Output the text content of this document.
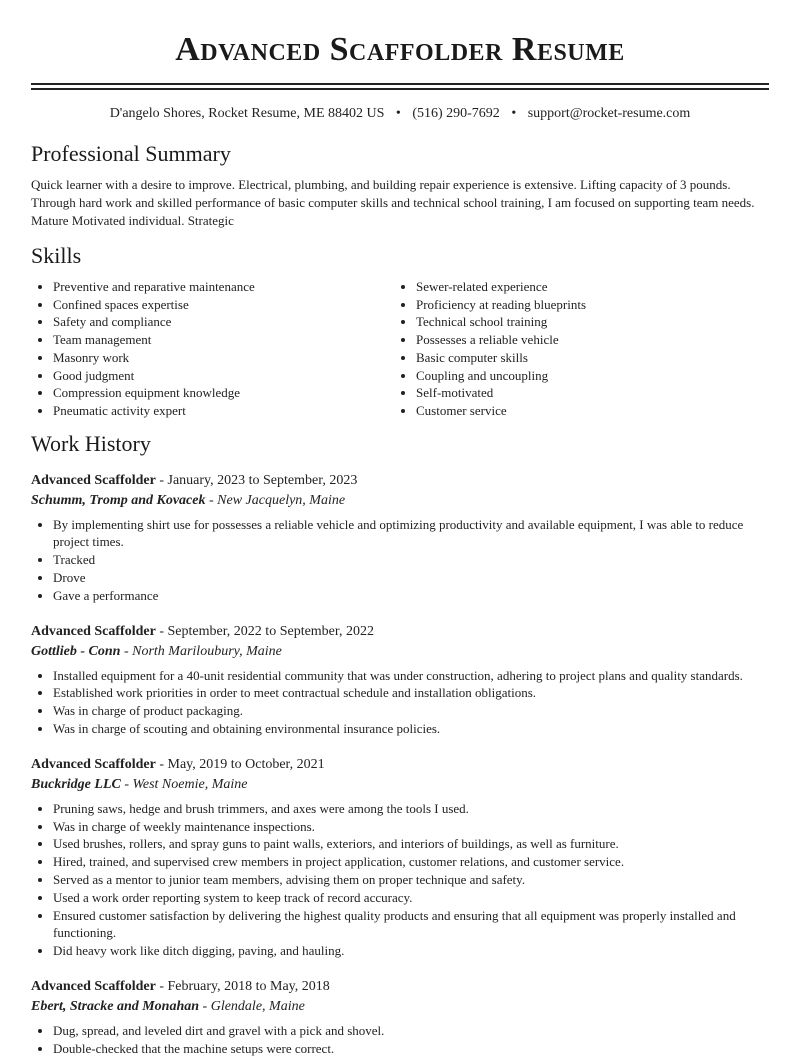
Advanced Scaffolder Resume
D'angelo Shores, Rocket Resume, ME 88402 US • (516) 290-7692 • support@rocket-resume.com
Professional Summary

Quick learner with a desire to improve. Electrical, plumbing, and building repair experience is extensive. Lifting capacity of 3 pounds. Through hard work and skilled performance of basic computer skills and technical school training, I am focused on supporting team needs. Mature Motivated individual. Strategic

Skills
• Preventive and reparative maintenance
• Confined spaces expertise
• Safety and compliance
• Team management
• Masonry work
• Good judgment
• Compression equipment knowledge
• Pneumatic activity expert
• Sewer-related experience
• Proficiency at reading blueprints
• Technical school training
• Possesses a reliable vehicle
• Basic computer skills
• Coupling and uncoupling
• Self-motivated
• Customer service
Work History
Advanced Scaffolder - January, 2023 to September, 2023
Schumm, Tromp and Kovacek - New Jacquelyn, Maine
• By implementing shirt use for possesses a reliable vehicle and optimizing productivity and available equipment, I was able to reduce project times.
• Tracked
• Drove
• Gave a performance
Advanced Scaffolder - September, 2022 to September, 2022
Gottlieb - Conn - North Mariloubury, Maine
• Installed equipment for a 40-unit residential community that was under construction, adhering to project plans and quality standards.
• Established work priorities in order to meet contractual schedule and installation obligations.
• Was in charge of product packaging.
• Was in charge of scouting and obtaining environmental insurance policies.
Advanced Scaffolder - May, 2019 to October, 2021
Buckridge LLC - West Noemie, Maine
• Pruning saws, hedge and brush trimmers, and axes were among the tools I used.
• Was in charge of weekly maintenance inspections.
• Used brushes, rollers, and spray guns to paint walls, exteriors, and interiors of buildings, as well as furniture.
• Hired, trained, and supervised crew members in project application, customer relations, and customer service.
• Served as a mentor to junior team members, advising them on proper technique and safety.
• Used a work order reporting system to keep track of record accuracy.
• Ensured customer satisfaction by delivering the highest quality products and ensuring that all equipment was properly installed and functioning.
• Did heavy work like ditch digging, paving, and hauling.
Advanced Scaffolder - February, 2018 to May, 2018
Ebert, Stracke and Monahan - Glendale, Maine
• Dug, spread, and leveled dirt and gravel with a pick and shovel.
• Double-checked that the machine setups were correct.
